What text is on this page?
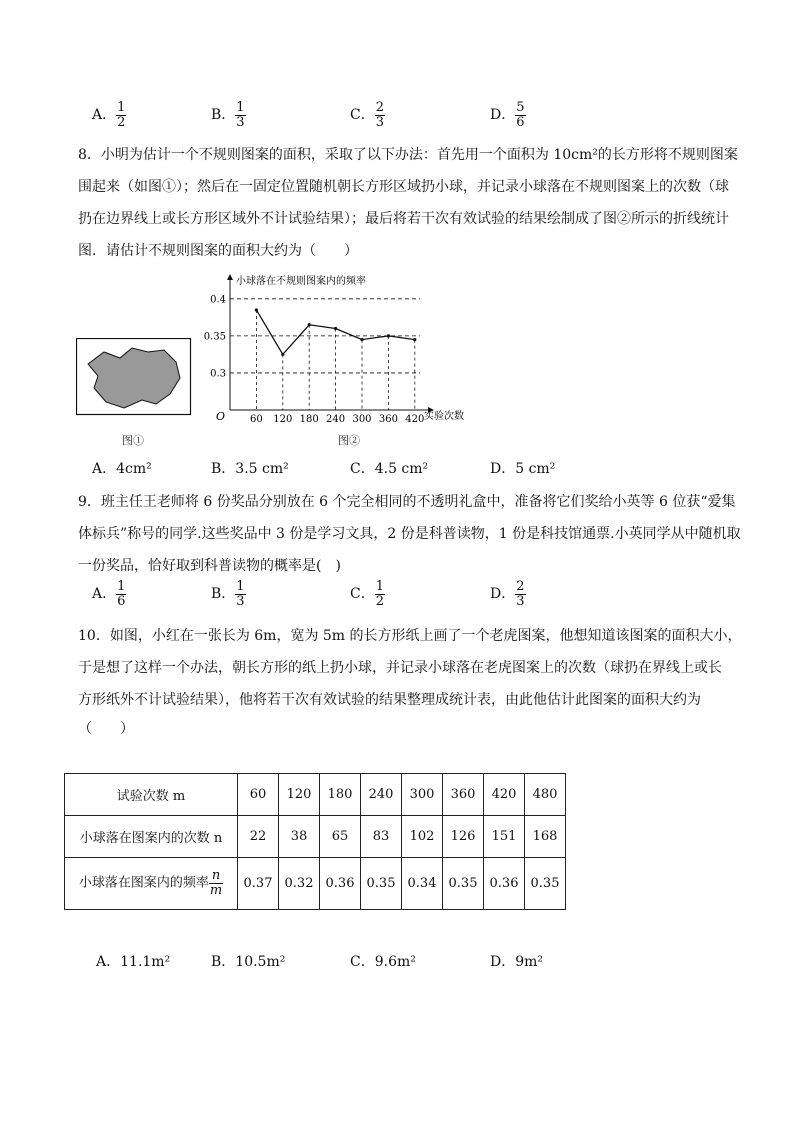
A． $\frac{1}{2}$	B． $\frac{1}{3}$	C． $\frac{2}{3}$	D． $\frac{5}{6}$
8．小明为估计一个不规则图案的面积，采取了以下办法：首先用一个面积为 10cm²的长方形将不规则图案
围起来（如图①）；然后在一固定位置随机朝长方形区域扔小球，并记录小球落在不规则图案上的次数（球
扔在边界线上或长方形区域外不计试验结果）；最后将若干次有效试验的结果绘制成了图②所示的折线统计
图．请估计不规则图案的面积大约为（　　）
图①
小球落在不规则图案内的频率
实验次数
O
0.3
0.35
0.4
60 120 180 240 300 360 420
图②
A．4cm²	B．3.5 cm²	C．4.5 cm²	D．5 cm²
9．班主任王老师将 6 份奖品分别放在 6 个完全相同的不透明礼盒中，准备将它们奖给小英等 6 位获“爱集
体标兵”称号的同学.这些奖品中 3 份是学习文具，2 份是科普读物，1 份是科技馆通票.小英同学从中随机取
一份奖品，恰好取到科普读物的概率是(　)
A． $\frac{1}{6}$	B． $\frac{1}{3}$	C． $\frac{1}{2}$	D． $\frac{2}{3}$
10．如图，小红在一张长为 6m，宽为 5m 的长方形纸上画了一个老虎图案，他想知道该图案的面积大小，
于是想了这样一个办法，朝长方形的纸上扔小球，并记录小球落在老虎图案上的次数（球扔在界线上或长
方形纸外不计试验结果），他将若干次有效试验的结果整理成统计表，由此他估计此图案的面积大约为
（　　）
试验次数 m	60	120	180	240	300	360	420	480
小球落在图案内的次数 n	22	38	65	83	102	126	151	168
小球落在图案内的频率 $\frac{n}{m}$	0.37	0.32	0.36	0.35	0.34	0.35	0.36	0.35
A．11.1m²	B．10.5m²	C．9.6m²	D．9m²
